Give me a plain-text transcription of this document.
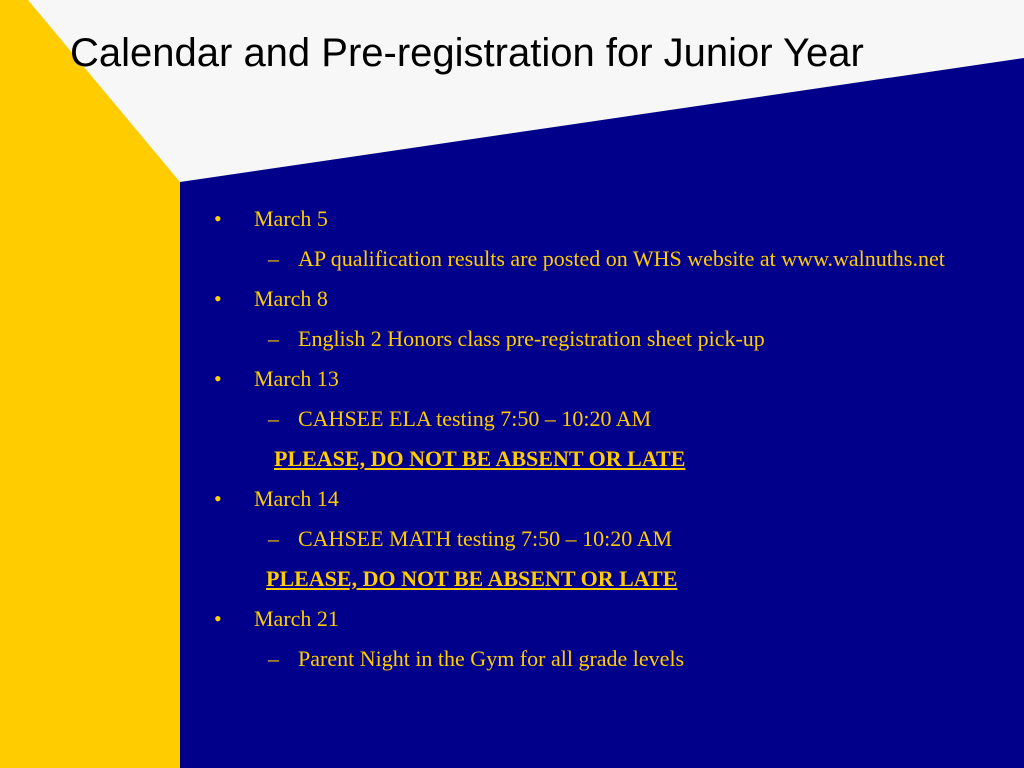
Calendar and Pre-registration for Junior Year
• March 5
– AP qualification results are posted on WHS website at www.walnuths.net
• March 8
– English 2 Honors class pre-registration sheet pick-up
• March 13
– CAHSEE ELA testing 7:50 – 10:20 AM
PLEASE, DO NOT BE ABSENT OR LATE
• March 14
– CAHSEE MATH testing 7:50 – 10:20 AM
PLEASE, DO NOT BE ABSENT OR LATE
• March 21
– Parent Night in the Gym for all grade levels
